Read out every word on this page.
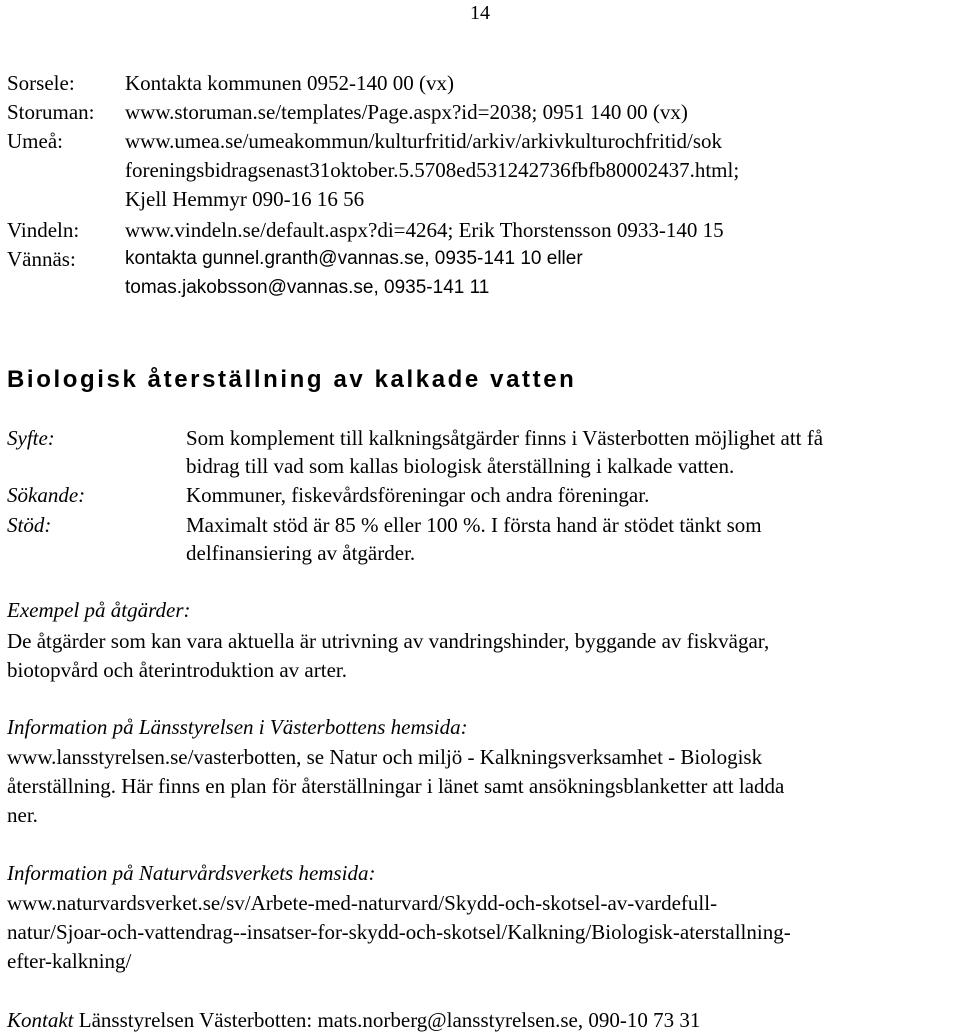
14
Sorsele: Kontakta kommunen 0952-140 00 (vx)
Storuman: www.storuman.se/templates/Page.aspx?id=2038; 0951 140 00 (vx)
Umeå:	www.umea.se/umeakommun/kulturfritid/arkiv/arkivkulturochfritid/sok
foreningsbidragsenast31oktober.5.5708ed531242736fbfb80002437.html;
Kjell Hemmyr 090-16 16 56
Vindeln: www.vindeln.se/default.aspx?di=4264; Erik Thorstensson 0933-140 15
Vännäs:	kontakta gunnel.granth@vannas.se, 0935-141 10 eller
tomas.jakobsson@vannas.se, 0935-141 11
Biologisk återställning av kalkade vatten
Syfte:	Som komplement till kalkningsåtgärder finns i Västerbotten möjlighet att få
bidrag till vad som kallas biologisk återställning i kalkade vatten.
Sökande:	Kommuner, fiskevårdsföreningar och andra föreningar.
Stöd:	Maximalt stöd är 85 % eller 100 %. I första hand är stödet tänkt som
delfinansiering av åtgärder.
Exempel på åtgärder:
De åtgärder som kan vara aktuella är utrivning av vandringshinder, byggande av fiskvägar,
biotopvård och återintroduktion av arter.
Information på Länsstyrelsen i Västerbottens hemsida:
www.lansstyrelsen.se/vasterbotten, se Natur och miljö - Kalkningsverksamhet - Biologisk
återställning. Här finns en plan för återställningar i länet samt ansökningsblanketter att ladda
ner.
Information på Naturvårdsverkets hemsida:
www.naturvardsverket.se/sv/Arbete-med-naturvard/Skydd-och-skotsel-av-vardefull-
natur/Sjoar-och-vattendrag--insatser-for-skydd-och-skotsel/Kalkning/Biologisk-aterstallning-
efter-kalkning/
Kontakt Länsstyrelsen Västerbotten: mats.norberg@lansstyrelsen.se, 090-10 73 31
